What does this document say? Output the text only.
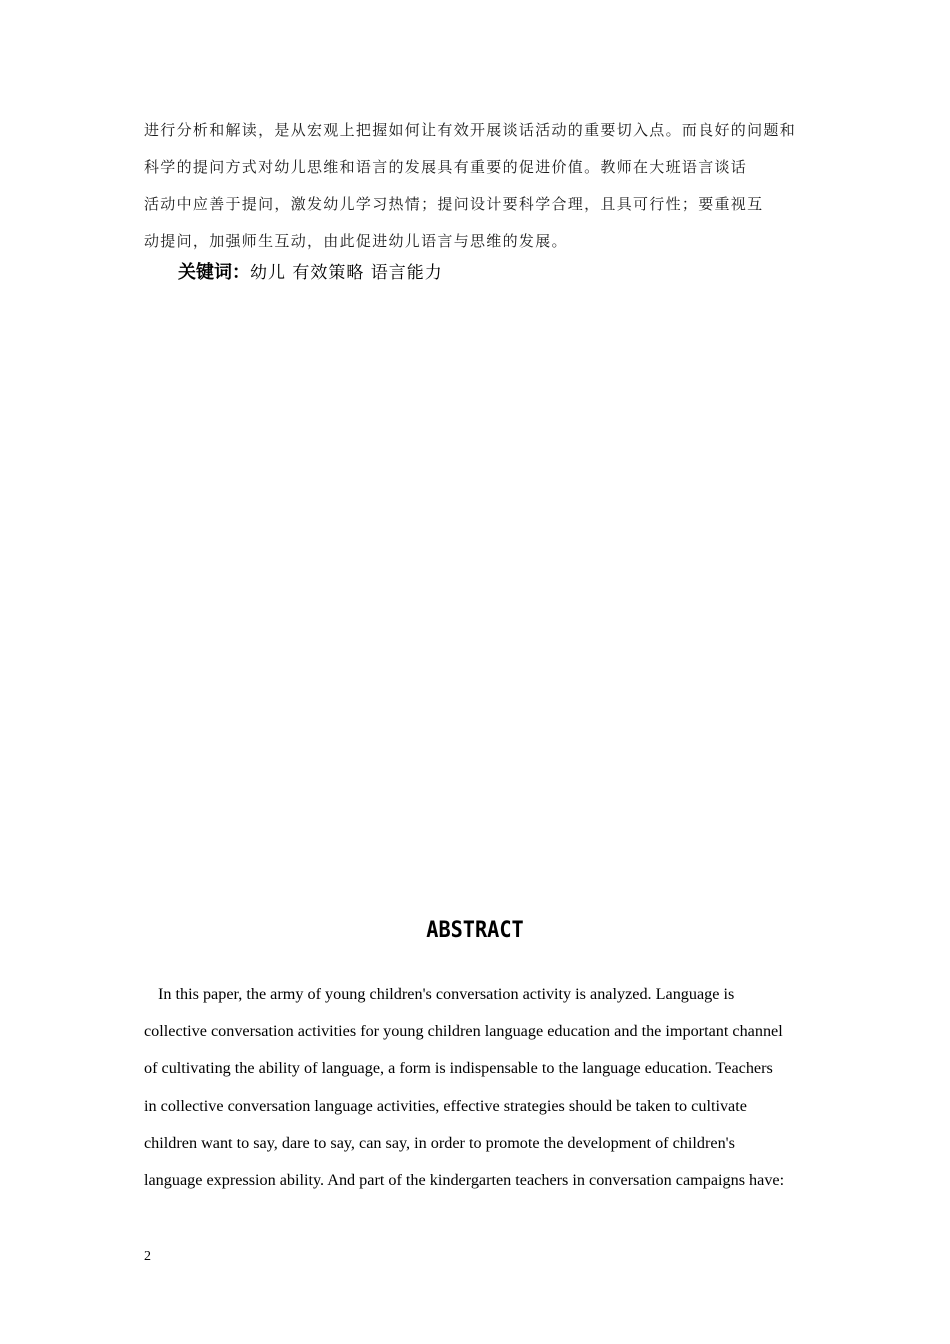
进行分析和解读，是从宏观上把握如何让有效开展谈话活动的重要切入点。而良好的问题和
科学的提问方式对幼儿思维和语言的发展具有重要的促进价值。教师在大班语言谈话
活动中应善于提问，激发幼儿学习热情；提问设计要科学合理，且具可行性；要重视互
动提问，加强师生互动，由此促进幼儿语言与思维的发展。

关键词：幼儿 有效策略 语言能力

ABSTRACT
In this paper, the army of young children's conversation activity is analyzed. Language is
collective conversation activities for young children language education and the important channel
of cultivating the ability of language, a form is indispensable to the language education. Teachers
in collective conversation language activities, effective strategies should be taken to cultivate
children want to say, dare to say, can say, in order to promote the development of children's
language expression ability. And part of the kindergarten teachers in conversation campaigns have:

2
